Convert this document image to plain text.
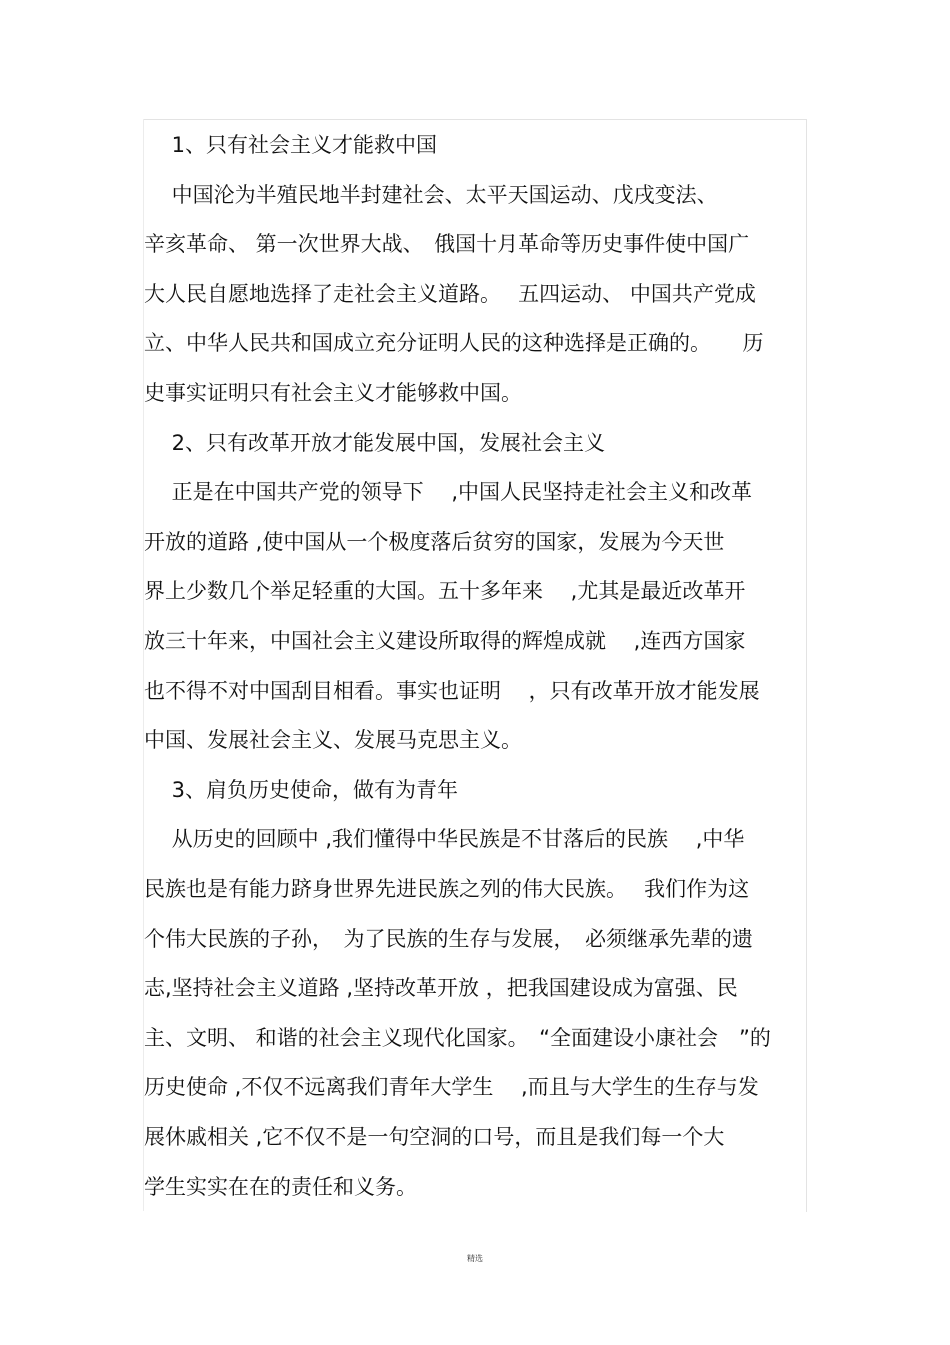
　 1、只有社会主义才能救中国
　 中国沦为半殖民地半封建社会、太平天国运动、戊戌变法、
辛亥革命、 第一次世界大战、　俄国十月革命等历史事件使中国广
大人民自愿地选择了走社会主义道路。　 五四运动、 中国共产党成
立、中华人民共和国成立充分证明人民的这种选择是正确的。　　历
史事实证明只有社会主义才能够救中国。
　 2、只有改革开放才能发展中国，发展社会主义
　 正是在中国共产党的领导下　 ,中国人民坚持走社会主义和改革
开放的道路 ,使中国从一个极度落后贫穷的国家，发展为今天世
界上少数几个举足轻重的大国。五十多年来　 ,尤其是最近改革开
放三十年来，中国社会主义建设所取得的辉煌成就　 ,连西方国家
也不得不对中国刮目相看。事实也证明　 ，只有改革开放才能发展
中国、发展社会主义、发展马克思主义。
　 3、肩负历史使命，做有为青年
　 从历史的回顾中 ,我们懂得中华民族是不甘落后的民族　 ,中华
民族也是有能力跻身世界先进民族之列的伟大民族。　 我们作为这
个伟大民族的子孙，　为了民族的生存与发展，　必须继承先辈的遗
志,坚持社会主义道路 ,坚持改革开放 ，把我国建设成为富强、民
主、文明、 和谐的社会主义现代化国家。　“全面建设小康社会　”的
历史使命 ,不仅不远离我们青年大学生　 ,而且与大学生的生存与发
展休戚相关 ,它不仅不是一句空洞的口号，而且是我们每一个大
学生实实在在的责任和义务。
精选
